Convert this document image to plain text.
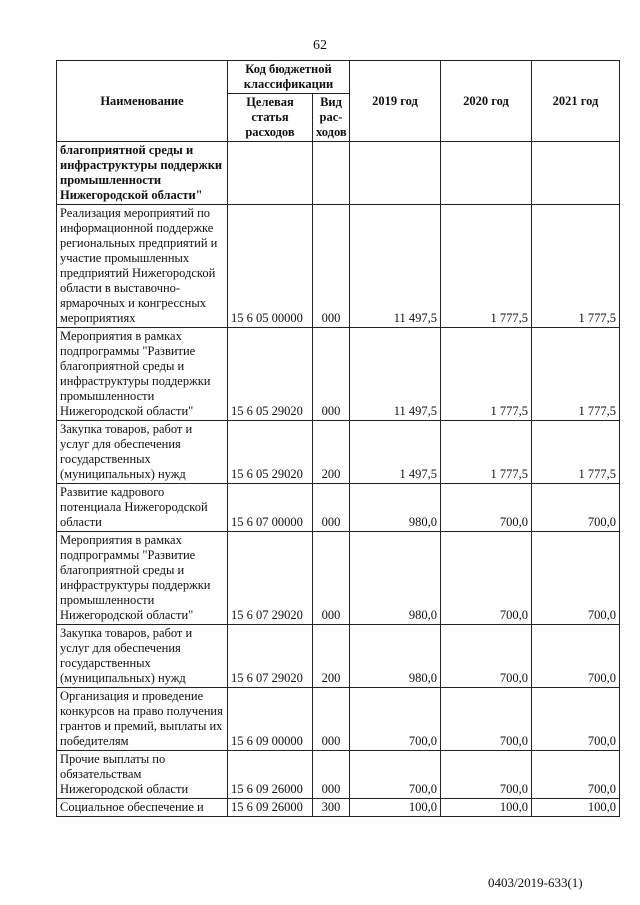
62
Наименование	Код бюджетной классификации		2019 год	2020 год	2021 год
	Целевая статья расходов	Вид рас-ходов			
благоприятной среды и инфраструктуры поддержки промышленности Нижегородской области"					
Реализация мероприятий по информационной поддержке региональных предприятий и участие промышленных предприятий Нижегородской области в выставочно-ярмарочных и конгрессных мероприятиях	15 6 05 00000	000	11 497,5	1 777,5	1 777,5
Мероприятия в рамках подпрограммы "Развитие благоприятной среды и инфраструктуры поддержки промышленности Нижегородской области"	15 6 05 29020	000	11 497,5	1 777,5	1 777,5
Закупка товаров, работ и услуг для обеспечения государственных (муниципальных) нужд	15 6 05 29020	200	1 497,5	1 777,5	1 777,5
Развитие кадрового потенциала Нижегородской области	15 6 07 00000	000	980,0	700,0	700,0
Мероприятия в рамках подпрограммы "Развитие благоприятной среды и инфраструктуры поддержки промышленности Нижегородской области"	15 6 07 29020	000	980,0	700,0	700,0
Закупка товаров, работ и услуг для обеспечения государственных (муниципальных) нужд	15 6 07 29020	200	980,0	700,0	700,0
Организация и проведение конкурсов на право получения грантов и премий, выплаты их победителям	15 6 09 00000	000	700,0	700,0	700,0
Прочие выплаты по обязательствам Нижегородской области	15 6 09 26000	000	700,0	700,0	700,0
Социальное обеспечение и	15 6 09 26000	300	100,0	100,0	100,0
0403/2019-633(1)
